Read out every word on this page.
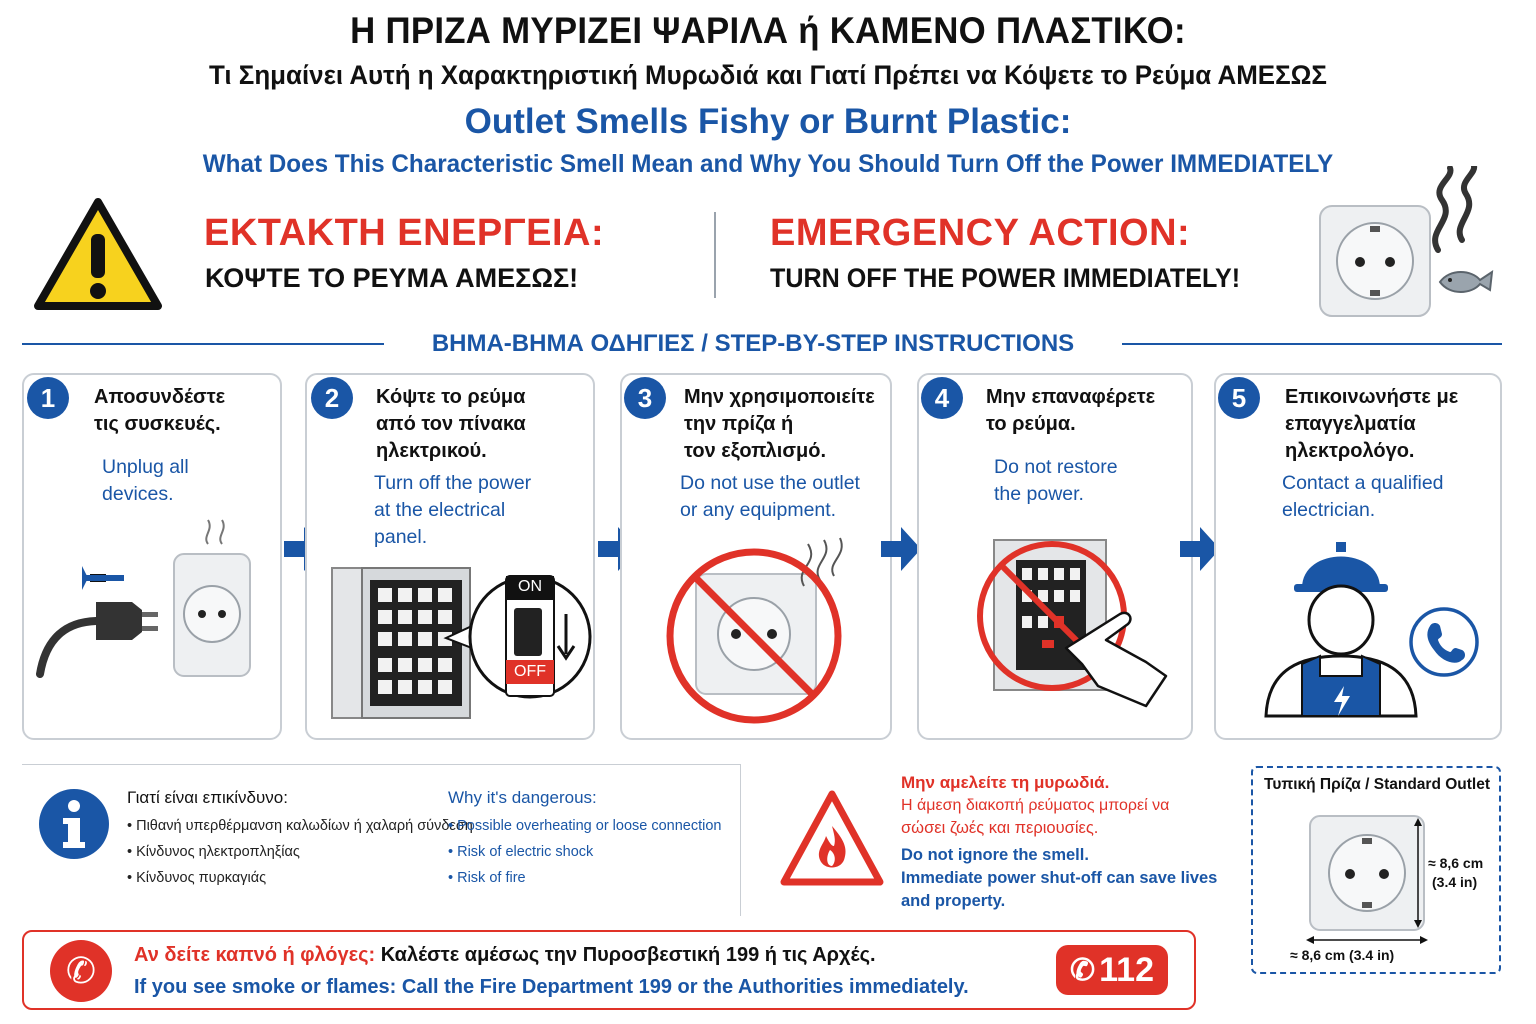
Η ΠΡΙΖΑ ΜΥΡΙΖΕΙ ΨΑΡΙΛΑ ή ΚΑΜΕΝΟ ΠΛΑΣΤΙΚΟ:
Τι Σημαίνει Αυτή η Χαρακτηριστική Μυρωδιά και Γιατί Πρέπει να Κόψετε το Ρεύμα ΑΜΕΣΩΣ
Outlet Smells Fishy or Burnt Plastic:
What Does This Characteristic Smell Mean and Why You Should Turn Off the Power IMMEDIATELY
ΕΚΤΑΚΤΗ ΕΝΕΡΓΕΙΑ:
ΚΟΨΤΕ ΤΟ ΡΕΥΜΑ ΑΜΕΣΩΣ!
EMERGENCY ACTION:
TURN OFF THE POWER IMMEDIATELY!
ΒΗΜΑ-ΒΗΜΑ ΟΔΗΓΙΕΣ / STEP-BY-STEP INSTRUCTIONS
1	Αποσυνδέστε
τις συσκευές.
Unplug all
devices.
2	Κόψτε το ρεύμα
από τον πίνακα
ηλεκτρικού.
Turn off the power
at the electrical
panel.
ON
OFF
3	Μην χρησιμοποιείτε
την πρίζα ή
τον εξοπλισμό.
Do not use the outlet
or any equipment.
4	Μην επαναφέρετε
το ρεύμα.
Do not restore
the power.
5	Επικοινωνήστε με
επαγγελματία
ηλεκτρολόγο.
Contact a qualified
electrician.
Γιατί είναι επικίνδυνο:
• Πιθανή υπερθέρμανση καλωδίων ή χαλαρή σύνδεση
• Κίνδυνος ηλεκτροπληξίας
• Κίνδυνος πυρκαγιάς
Why it's dangerous:
• Possible overheating or loose connection
• Risk of electric shock
• Risk of fire
Μην αμελείτε τη μυρωδιά.
Η άμεση διακοπή ρεύματος μπορεί να
σώσει ζωές και περιουσίες.
Do not ignore the smell.
Immediate power shut-off can save lives
and property.
Τυπική Πρίζα / Standard Outlet
≈ 8,6 cm
(3.4 in)
≈ 8,6 cm (3.4 in)
✆	Αν δείτε καπνό ή φλόγες: Καλέστε αμέσως την Πυροσβεστική 199 ή τις Αρχές.
If you see smoke or flames: Call the Fire Department 199 or the Authorities immediately.
✆ 112
